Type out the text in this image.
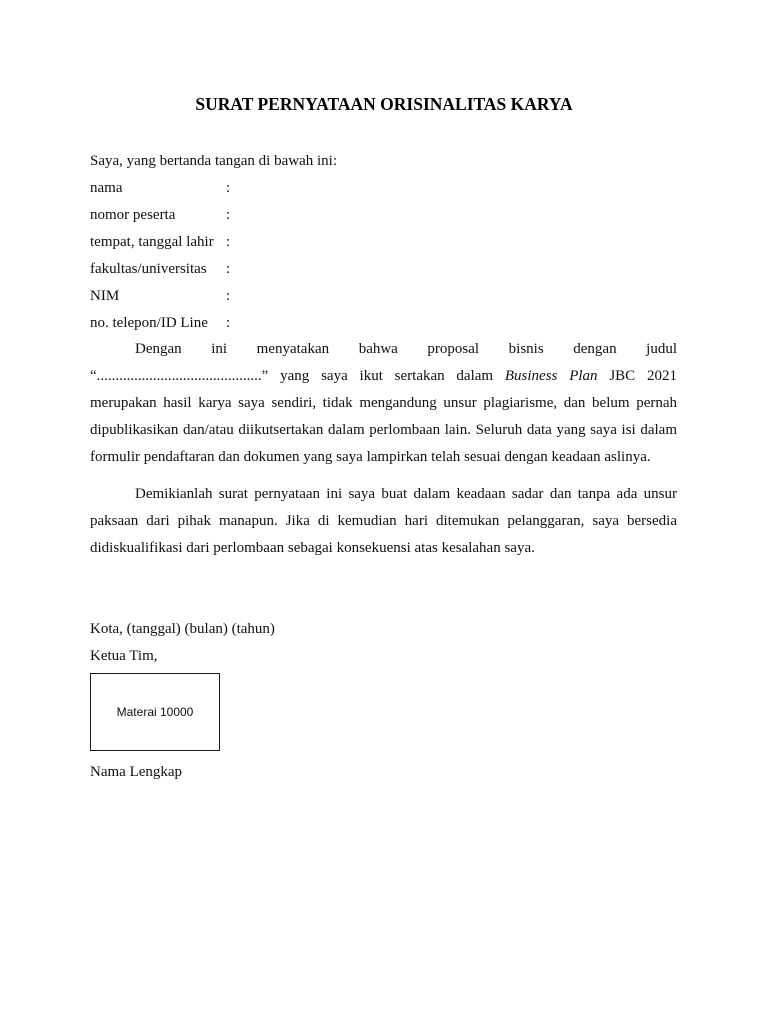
SURAT PERNYATAAN ORISINALITAS KARYA
Saya, yang bertanda tangan di bawah ini:
nama	:
nomor peserta	:
tempat, tanggal lahir :
fakultas/universitas :
NIM	:
no. telepon/ID Line :
Dengan ini menyatakan bahwa proposal bisnis dengan judul
“............................................” yang saya ikut sertakan dalam Business Plan JBC 2021
merupakan hasil karya saya sendiri, tidak mengandung unsur plagiarisme, dan belum pernah
dipublikasikan dan/atau diikutsertakan dalam perlombaan lain. Seluruh data yang saya isi dalam
formulir pendaftaran dan dokumen yang saya lampirkan telah sesuai dengan keadaan aslinya.
Demikianlah surat pernyataan ini saya buat dalam keadaan sadar dan tanpa ada unsur
paksaan dari pihak manapun. Jika di kemudian hari ditemukan pelanggaran, saya bersedia
didiskualifikasi dari perlombaan sebagai konsekuensi atas kesalahan saya.
Kota, (tanggal) (bulan) (tahun)
Ketua Tim,
Materai 10000
Nama Lengkap
